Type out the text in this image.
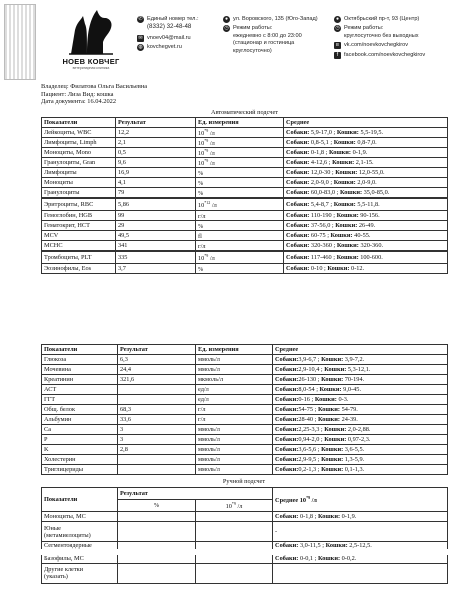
НОЕВ КОВЧЕГ
ветеринарная клиника
✆ Единый номер тел.:
(8332) 32-48-48
✉ vnoev04@mail.ru
◍ kovchegvet.ru
● ул. Воровского, 135 (Юго-Запад)
◷ Режим работы:
ежедневно с 8:00 до 23:00
(стационар и гостиница
круглосуточно)
● Октябрьский пр-т, 93 (Центр)
◷ Режим работы:
круглосуточно без выходных
в vk.com/noevkovchegkirov
f	facebook.com/noevkovchegkirov
Владелец: Филатова Ольга Васильевна
Пациент: Лиза Вид: кошка
Дата документа: 16.04.2022
Автоматический подсчет			
Показатели	Результат	Ед. измерения	Среднее
Лейкоциты, WBC	12,2	10$^{*9}$ /л	Собаки: 5,9-17,0 ; Кошки: 5,5-19,5.
Лимфоциты, Limph	2,1	10$^{*9}$ /л	Собаки: 0,8-5,1 ; Кошки: 0,8-7,0.
Моноциты, Mono	0,5	10$^{*9}$ /л	Собаки: 0-1,8 ; Кошки: 0-1,9.
Гранулоциты, Gran	9,6	10$^{*9}$ /л	Собаки: 4-12,6 ; Кошки: 2,1-15.
Лимфоциты	16,9	%	Собаки: 12,0-30 ; Кошки: 12,0-55,0.
Моноциты	4,1	%	Собаки: 2,0-9,0 ; Кошки: 2,0-9,0.
Гранулоциты	79	%	Собаки: 60,0-83,0 ; Кошки: 35,0-85,0.
Эритроциты, RBC	5,86	10$^{*12}$ /л	Собаки: 5,4-8,7 ; Кошки: 5,5-11,8.
Гемоглобин, HGB	99	г/л	Собаки: 110-190 ; Кошки: 90-156.
Гематокрит, HCT	29	%	Собаки: 37-56,0 ; Кошки: 26-49.
MCV	49,5	fl	Собаки: 60-75 ; Кошки: 40-55.
МСНС	341	г/л	Собаки: 320-360 ; Кошки: 320-360.
Тромбоциты, PLT	335	10$^{*9}$ /л	Собаки: 117-460 ; Кошки: 100-600.
Эозинофилы, Eos	3,7	%	Собаки: 0-10 ; Кошки: 0-12.
Показатели	Результат	Ед. измерения	Среднее
Глюкоза	6,3	ммоль/л	Собаки:3,9-6,7 ; Кошки: 3,9-7,2.
Мочевина	24,4	ммоль/л	Собаки:2,9-10,4 ; Кошки: 5,3-12,1.
Креатинин	321,6	мкмоль/л	Собаки:26-130 ; Кошки: 70-194.
АСТ		ед/л	Собаки:8,0-54 ; Кошки: 9,0-45.
ГГТ		ед/л	Собаки:0-16 ; Кошки: 0-3.
Общ. белок	68,3	г/л	Собаки:54-75 ; Кошки: 54-79.
Альбумин	33,6	г/л	Собаки:28-40 ; Кошки: 24-39.
Ca	3	ммоль/л	Собаки:2,25-3,3 ; Кошки: 2,0-2,88.
P	3	ммоль/л	Собаки:0,94-2,0 ; Кошки: 0,97-2,3.
K	2,8	ммоль/л	Собаки:3,6-5,6 ; Кошки: 3,6-5,5.
Холестерин		ммоль/л	Собаки:2,9-9,5 ; Кошки: 1,3-5,9.
Триглицериды		ммоль/л	Собаки:0,2-1,3 ; Кошки: 0,1-1,3.
Ручной подсчет
Показатели	Результат		Среднее 10$^{*9}$ /л
	%	10$^{*9}$ /л	
Моноциты, МС			Собаки: 0-1,8 ; Кошки: 0-1,9.
Юные
(метамиелоциты)			-
Сегментоядерные			Собаки: 3,0-11,5 ; Кошки: 2,5-12,5.
Базофилы, МС			Собаки: 0-0,1 ; Кошки: 0-0,2.
Другие клетки
(указать)			
